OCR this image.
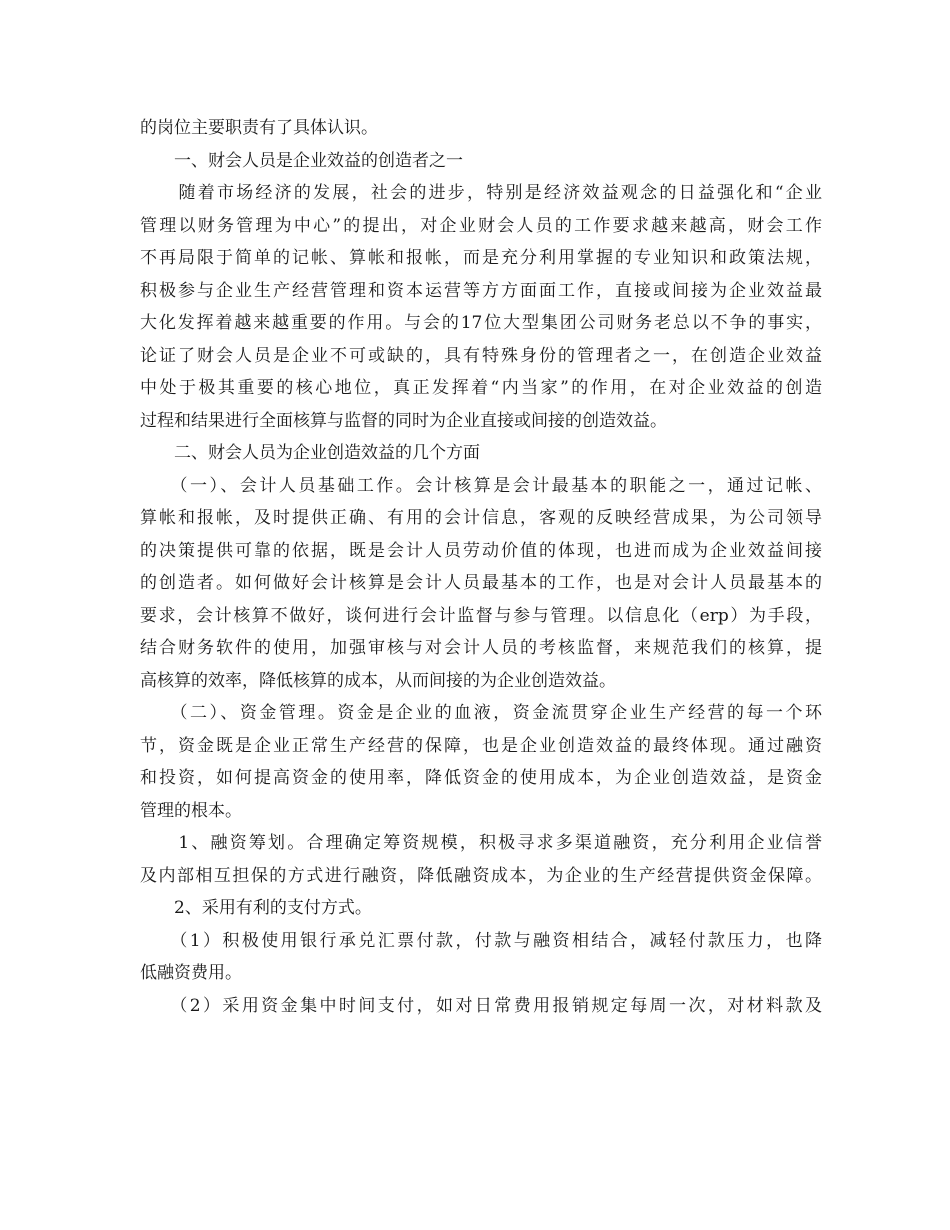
的岗位主要职责有了具体认识。
　　一、财会人员是企业效益的创造者之一
　　随着市场经济的发展，社会的进步，特别是经济效益观念的日益强化和“企业
管理以财务管理为中心”的提出，对企业财会人员的工作要求越来越高，财会工作
不再局限于简单的记帐、算帐和报帐，而是充分利用掌握的专业知识和政策法规，
积极参与企业生产经营管理和资本运营等方方面面工作，直接或间接为企业效益最
大化发挥着越来越重要的作用。与会的17位大型集团公司财务老总以不争的事实，
论证了财会人员是企业不可或缺的，具有特殊身份的管理者之一，在创造企业效益
中处于极其重要的核心地位，真正发挥着“内当家”的作用，在对企业效益的创造
过程和结果进行全面核算与监督的同时为企业直接或间接的创造效益。
　　二、财会人员为企业创造效益的几个方面
　　（一）、会计人员基础工作。会计核算是会计最基本的职能之一，通过记帐、
算帐和报帐，及时提供正确、有用的会计信息，客观的反映经营成果，为公司领导
的决策提供可靠的依据，既是会计人员劳动价值的体现，也进而成为企业效益间接
的创造者。如何做好会计核算是会计人员最基本的工作，也是对会计人员最基本的
要求，会计核算不做好，谈何进行会计监督与参与管理。以信息化（erp）为手段，
结合财务软件的使用，加强审核与对会计人员的考核监督，来规范我们的核算，提
高核算的效率，降低核算的成本，从而间接的为企业创造效益。
　　（二）、资金管理。资金是企业的血液，资金流贯穿企业生产经营的每一个环
节，资金既是企业正常生产经营的保障，也是企业创造效益的最终体现。通过融资
和投资，如何提高资金的使用率，降低资金的使用成本，为企业创造效益，是资金
管理的根本。
　　1、融资筹划。合理确定筹资规模，积极寻求多渠道融资，充分利用企业信誉
及内部相互担保的方式进行融资，降低融资成本，为企业的生产经营提供资金保障。
　　2、采用有利的支付方式。
　　（1）积极使用银行承兑汇票付款，付款与融资相结合，减轻付款压力，也降
低融资费用。
　　（2）采用资金集中时间支付，如对日常费用报销规定每周一次，对材料款及
